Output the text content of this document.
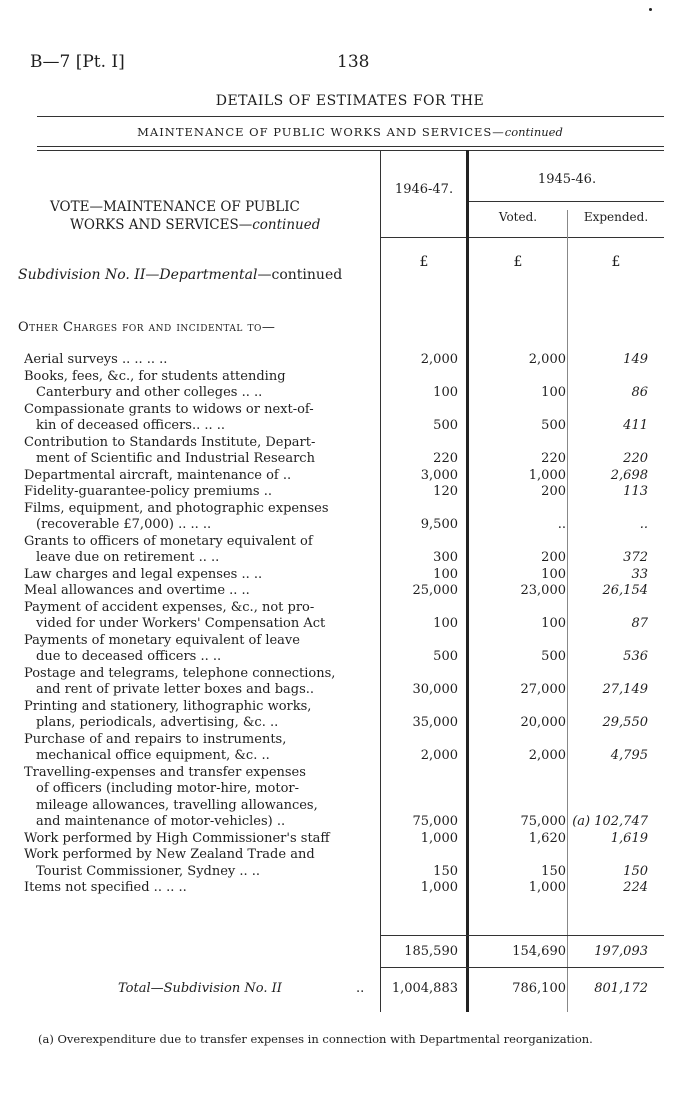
B—7 [Pt. I]	138
DETAILS OF ESTIMATES FOR THE
MAINTENANCE OF PUBLIC WORKS AND SERVICES—continued
1946-47.
1945-46.
Voted.	Expended.
VOTE—MAINTENANCE OF PUBLIC
WORKS AND SERVICES—continued
£	£	£
Subdivision No. II—Departmental—continued
Other Charges for and incidental to—
Aerial surveys .. .. .. ..	2,000	2,000	149
Books, fees, &c., for students attending
Canterbury and other colleges .. ..	100	100	86
Compassionate grants to widows or next-of-
kin of deceased officers.. .. ..	500	500	411
Contribution to Standards Institute, Depart-
ment of Scientific and Industrial Research	220	220	220
Departmental aircraft, maintenance of ..	3,000	1,000	2,698
Fidelity-guarantee-policy premiums ..	120	200	113
Films, equipment, and photographic expenses
(recoverable £7,000) .. .. ..	9,500	..	..
Grants to officers of monetary equivalent of
leave due on retirement .. ..	300	200	372
Law charges and legal expenses .. ..	100	100	33
Meal allowances and overtime .. ..	25,000	23,000	26,154
Payment of accident expenses, &c., not pro-
vided for under Workers' Compensation Act	100	100	87
Payments of monetary equivalent of leave
due to deceased officers .. ..	500	500	536
Postage and telegrams, telephone connections,
and rent of private letter boxes and bags..	30,000	27,000	27,149
Printing and stationery, lithographic works,
plans, periodicals, advertising, &c. ..	35,000	20,000	29,550
Purchase of and repairs to instruments,
mechanical office equipment, &c. ..	2,000	2,000	4,795
Travelling-expenses and transfer expenses
of officers (including motor-hire, motor-
mileage allowances, travelling allowances,
and maintenance of motor-vehicles) ..	75,000	75,000 (a) 102,747
Work performed by High Commissioner's staff	1,000	1,620	1,619
Work performed by New Zealand Trade and
Tourist Commissioner, Sydney .. ..	150	150	150
Items not specified .. .. ..	1,000	1,000	224
185,590	154,690	197,093
Total—Subdivision No. II	..	1,004,883	786,100	801,172
(a) Overexpenditure due to transfer expenses in connection with Departmental reorganization.
